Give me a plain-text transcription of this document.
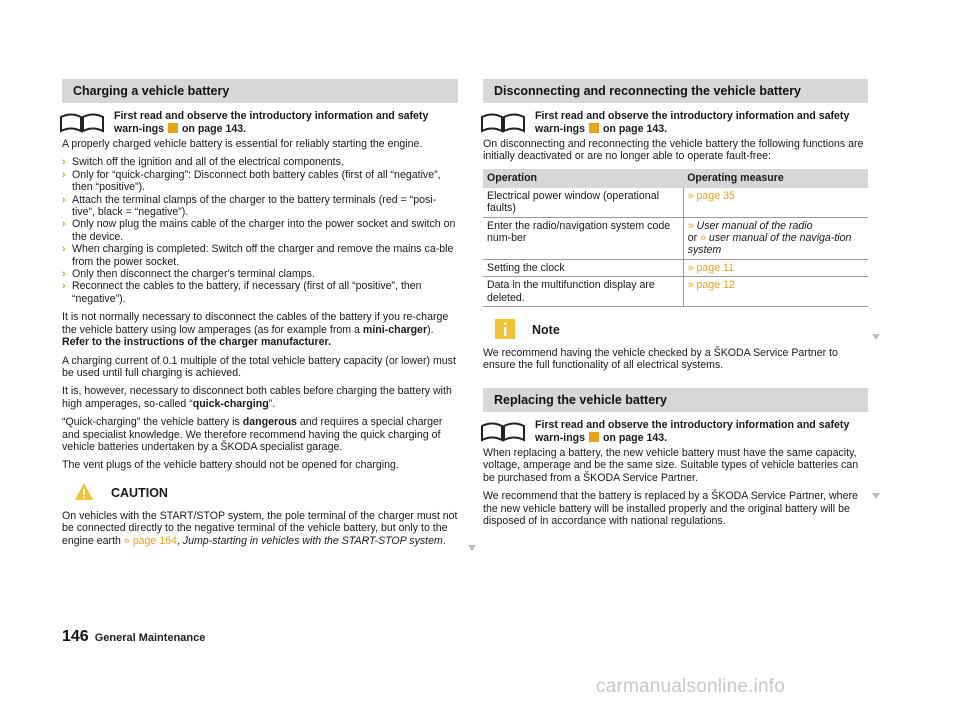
Charging a vehicle battery
First read and observe the introductory information and safety warn-ings on page 143.

A properly charged vehicle battery is essential for reliably starting the engine.

› Switch off the ignition and all of the electrical components.
› Only for “quick-charging”: Disconnect both battery cables (first of all “negative”, then “positive”).
› Attach the terminal clamps of the charger to the battery terminals (red = “posi-tive”, black = “negative”).
› Only now plug the mains cable of the charger into the power socket and switch on the device.
› When charging is completed: Switch off the charger and remove the mains ca-ble from the power socket.
› Only then disconnect the charger's terminal clamps.
› Reconnect the cables to the battery, if necessary (first of all “positive”, then “negative”).

It is not normally necessary to disconnect the cables of the battery if you re-charge the vehicle battery using low amperages (as for example from a mini-charger). Refer to the instructions of the charger manufacturer.

A charging current of 0.1 multiple of the total vehicle battery capacity (or lower) must be used until full charging is achieved.

It is, however, necessary to disconnect both cables before charging the battery with high amperages, so-called “quick-charging”.

“Quick-charging” the vehicle battery is dangerous and requires a special charger and specialist knowledge. We therefore recommend having the quick charging of vehicle batteries undertaken by a ŠKODA specialist garage.

The vent plugs of the vehicle battery should not be opened for charging.

CAUTION

On vehicles with the START/STOP system, the pole terminal of the charger must not be connected directly to the negative terminal of the vehicle battery, but only to the engine earth » page 164, Jump-starting in vehicles with the START-STOP system.

Disconnecting and reconnecting the vehicle battery
First read and observe the introductory information and safety warn-ings on page 143.

On disconnecting and reconnecting the vehicle battery the following functions are initially deactivated or are no longer able to operate fault-free:

Operation	Operating measure
Electrical power window (operational faults)	» page 35
Enter the radio/navigation system code num-ber	» User manual of the radio
or » user manual of the naviga-tion system
Setting the clock	» page 11
Data in the multifunction display are deleted.	» page 12
Note

We recommend having the vehicle checked by a ŠKODA Service Partner to ensure the full functionality of all electrical systems.

Replacing the vehicle battery
First read and observe the introductory information and safety warn-ings on page 143.

When replacing a battery, the new vehicle battery must have the same capacity, voltage, amperage and be the same size. Suitable types of vehicle batteries can be purchased from a ŠKODA Service Partner.

We recommend that the battery is replaced by a ŠKODA Service Partner, where the new vehicle battery will be installed properly and the original battery will be disposed of in accordance with national regulations.

146 General Maintenance
carmanualsonline.info
